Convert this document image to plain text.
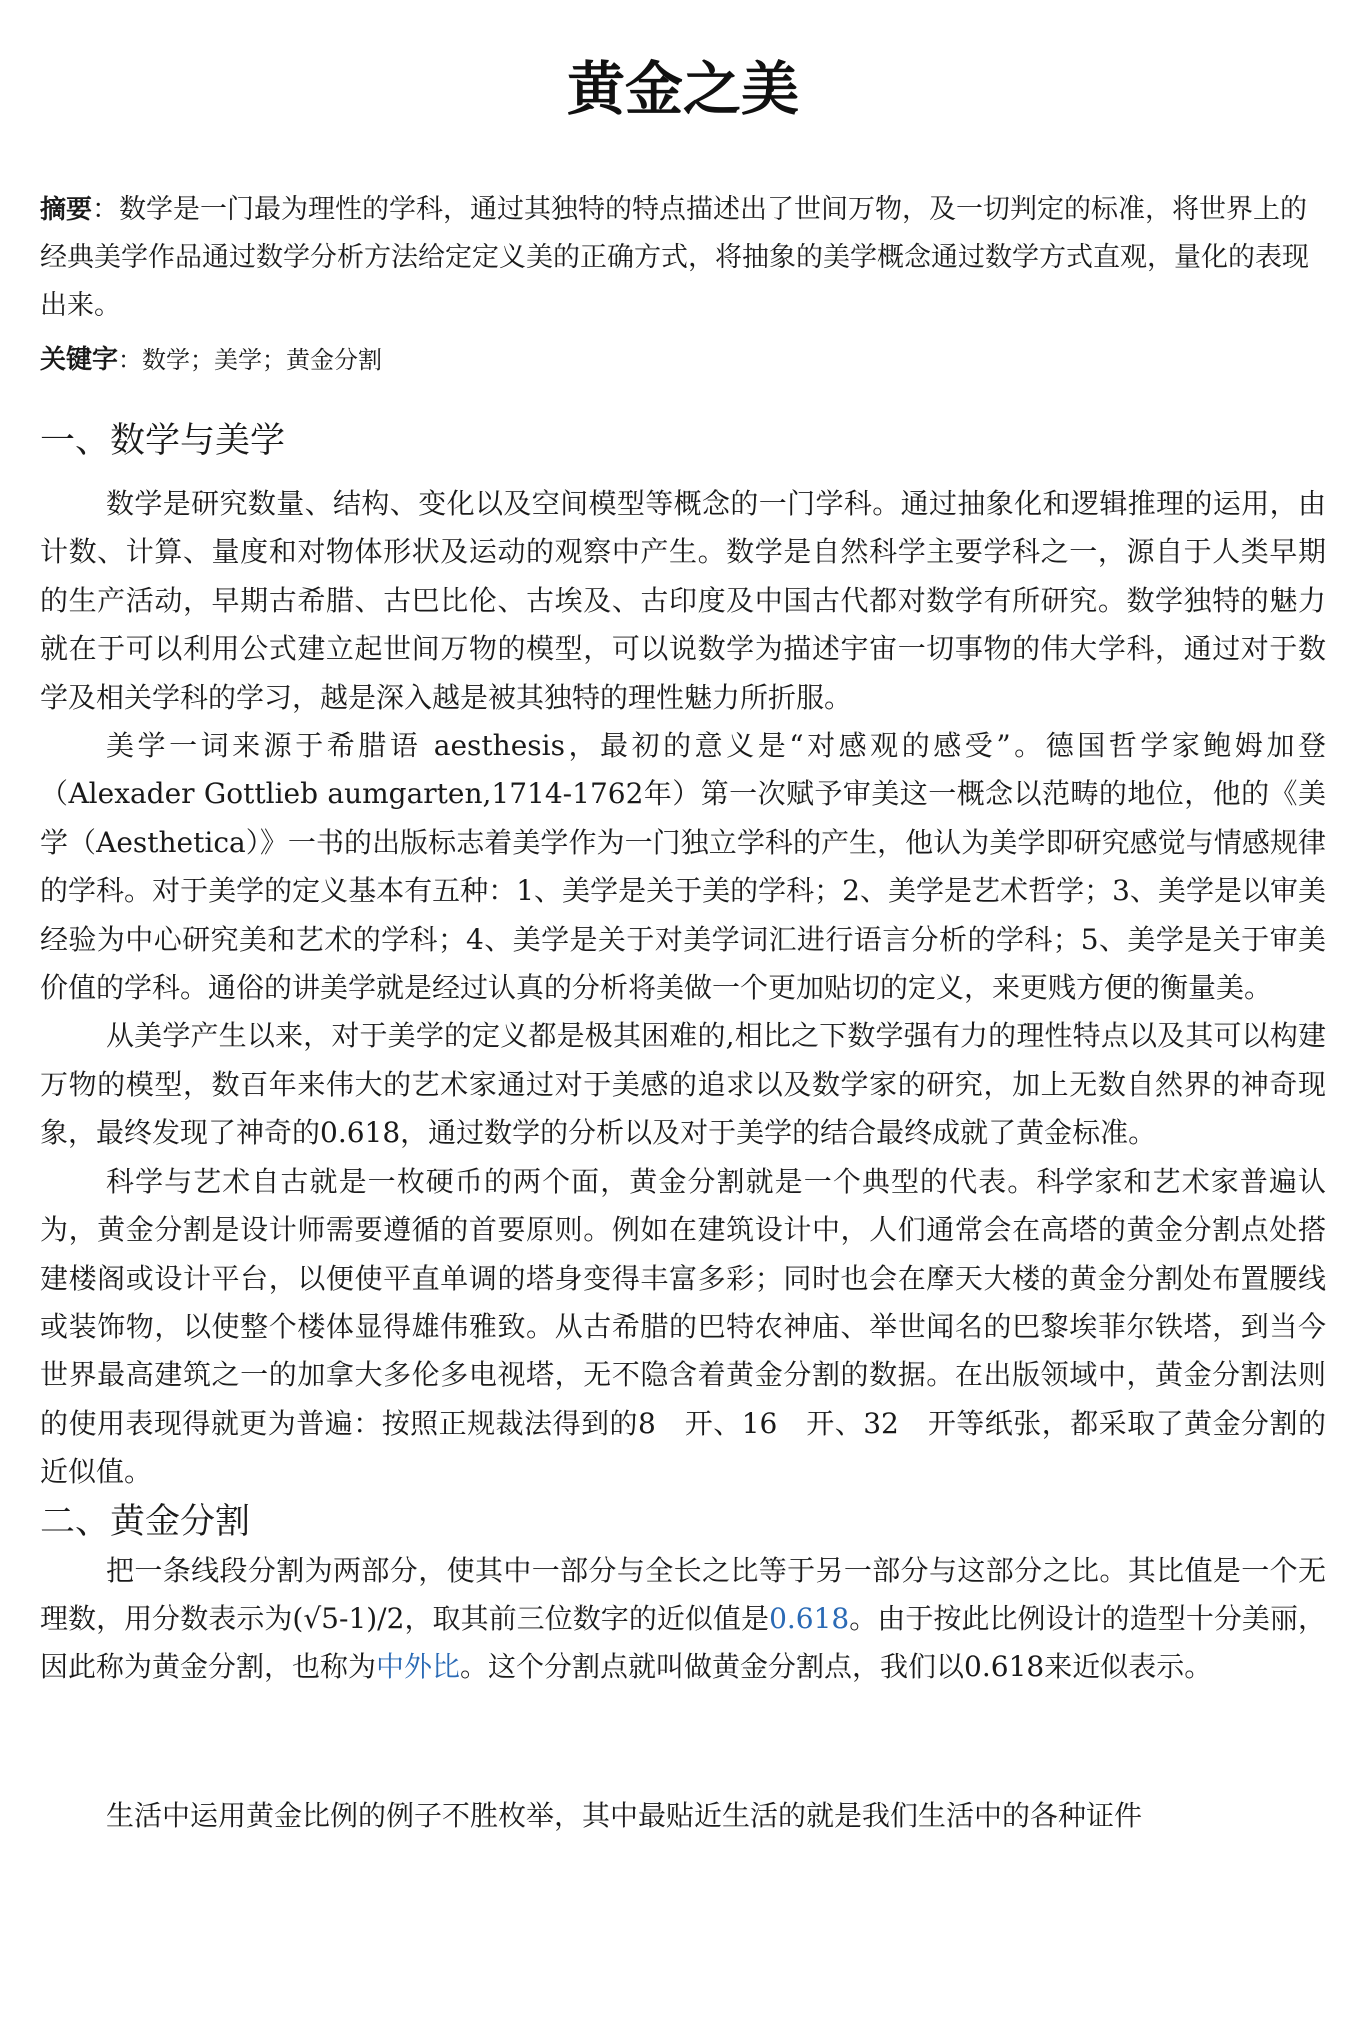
黄金之美
摘要：数学是一门最为理性的学科，通过其独特的特点描述出了世间万物，及一切判定的标准，将世界上的经典美学作品通过数学分析方法给定定义美的正确方式，将抽象的美学概念通过数学方式直观，量化的表现出来。
关键字：数学；美学；黄金分割
一、数学与美学

数学是研究数量、结构、变化以及空间模型等概念的一门学科。通过抽象化和逻辑推理的运用，由计数、计算、量度和对物体形状及运动的观察中产生。数学是自然科学主要学科之一，源自于人类早期的生产活动，早期古希腊、古巴比伦、古埃及、古印度及中国古代都对数学有所研究。数学独特的魅力就在于可以利用公式建立起世间万物的模型，可以说数学为描述宇宙一切事物的伟大学科，通过对于数学及相关学科的学习，越是深入越是被其独特的理性魅力所折服。

美学一词来源于希腊语 aesthesis，最初的意义是“对感观的感受”。德国哲学家鲍姆加登（Alexader Gottlieb aumgarten,1714-1762年）第一次赋予审美这一概念以范畴的地位，他的《美学（Aesthetica）》一书的出版标志着美学作为一门独立学科的产生，他认为美学即研究感觉与情感规律的学科。对于美学的定义基本有五种：1、美学是关于美的学科；2、美学是艺术哲学；3、美学是以审美经验为中心研究美和艺术的学科；4、美学是关于对美学词汇进行语言分析的学科；5、美学是关于审美价值的学科。通俗的讲美学就是经过认真的分析将美做一个更加贴切的定义，来更贱方便的衡量美。

从美学产生以来，对于美学的定义都是极其困难的,相比之下数学强有力的理性特点以及其可以构建万物的模型，数百年来伟大的艺术家通过对于美感的追求以及数学家的研究，加上无数自然界的神奇现象，最终发现了神奇的0.618，通过数学的分析以及对于美学的结合最终成就了黄金标准。

科学与艺术自古就是一枚硬币的两个面，黄金分割就是一个典型的代表。科学家和艺术家普遍认为，黄金分割是设计师需要遵循的首要原则。例如在建筑设计中，人们通常会在高塔的黄金分割点处搭建楼阁或设计平台，以便使平直单调的塔身变得丰富多彩；同时也会在摩天大楼的黄金分割处布置腰线或装饰物，以使整个楼体显得雄伟雅致。从古希腊的巴特农神庙、举世闻名的巴黎埃菲尔铁塔，到当今世界最高建筑之一的加拿大多伦多电视塔，无不隐含着黄金分割的数据。在出版领域中，黄金分割法则的使用表现得就更为普遍：按照正规裁法得到的8　开、16　开、32　开等纸张，都采取了黄金分割的近似值。

二、黄金分割

把一条线段分割为两部分，使其中一部分与全长之比等于另一部分与这部分之比。其比值是一个无理数，用分数表示为(√5-1)/2，取其前三位数字的近似值是0.618。由于按此比例设计的造型十分美丽，因此称为黄金分割，也称为中外比。这个分割点就叫做黄金分割点，我们以0.618来近似表示。

生活中运用黄金比例的例子不胜枚举，其中最贴近生活的就是我们生活中的各种证件
